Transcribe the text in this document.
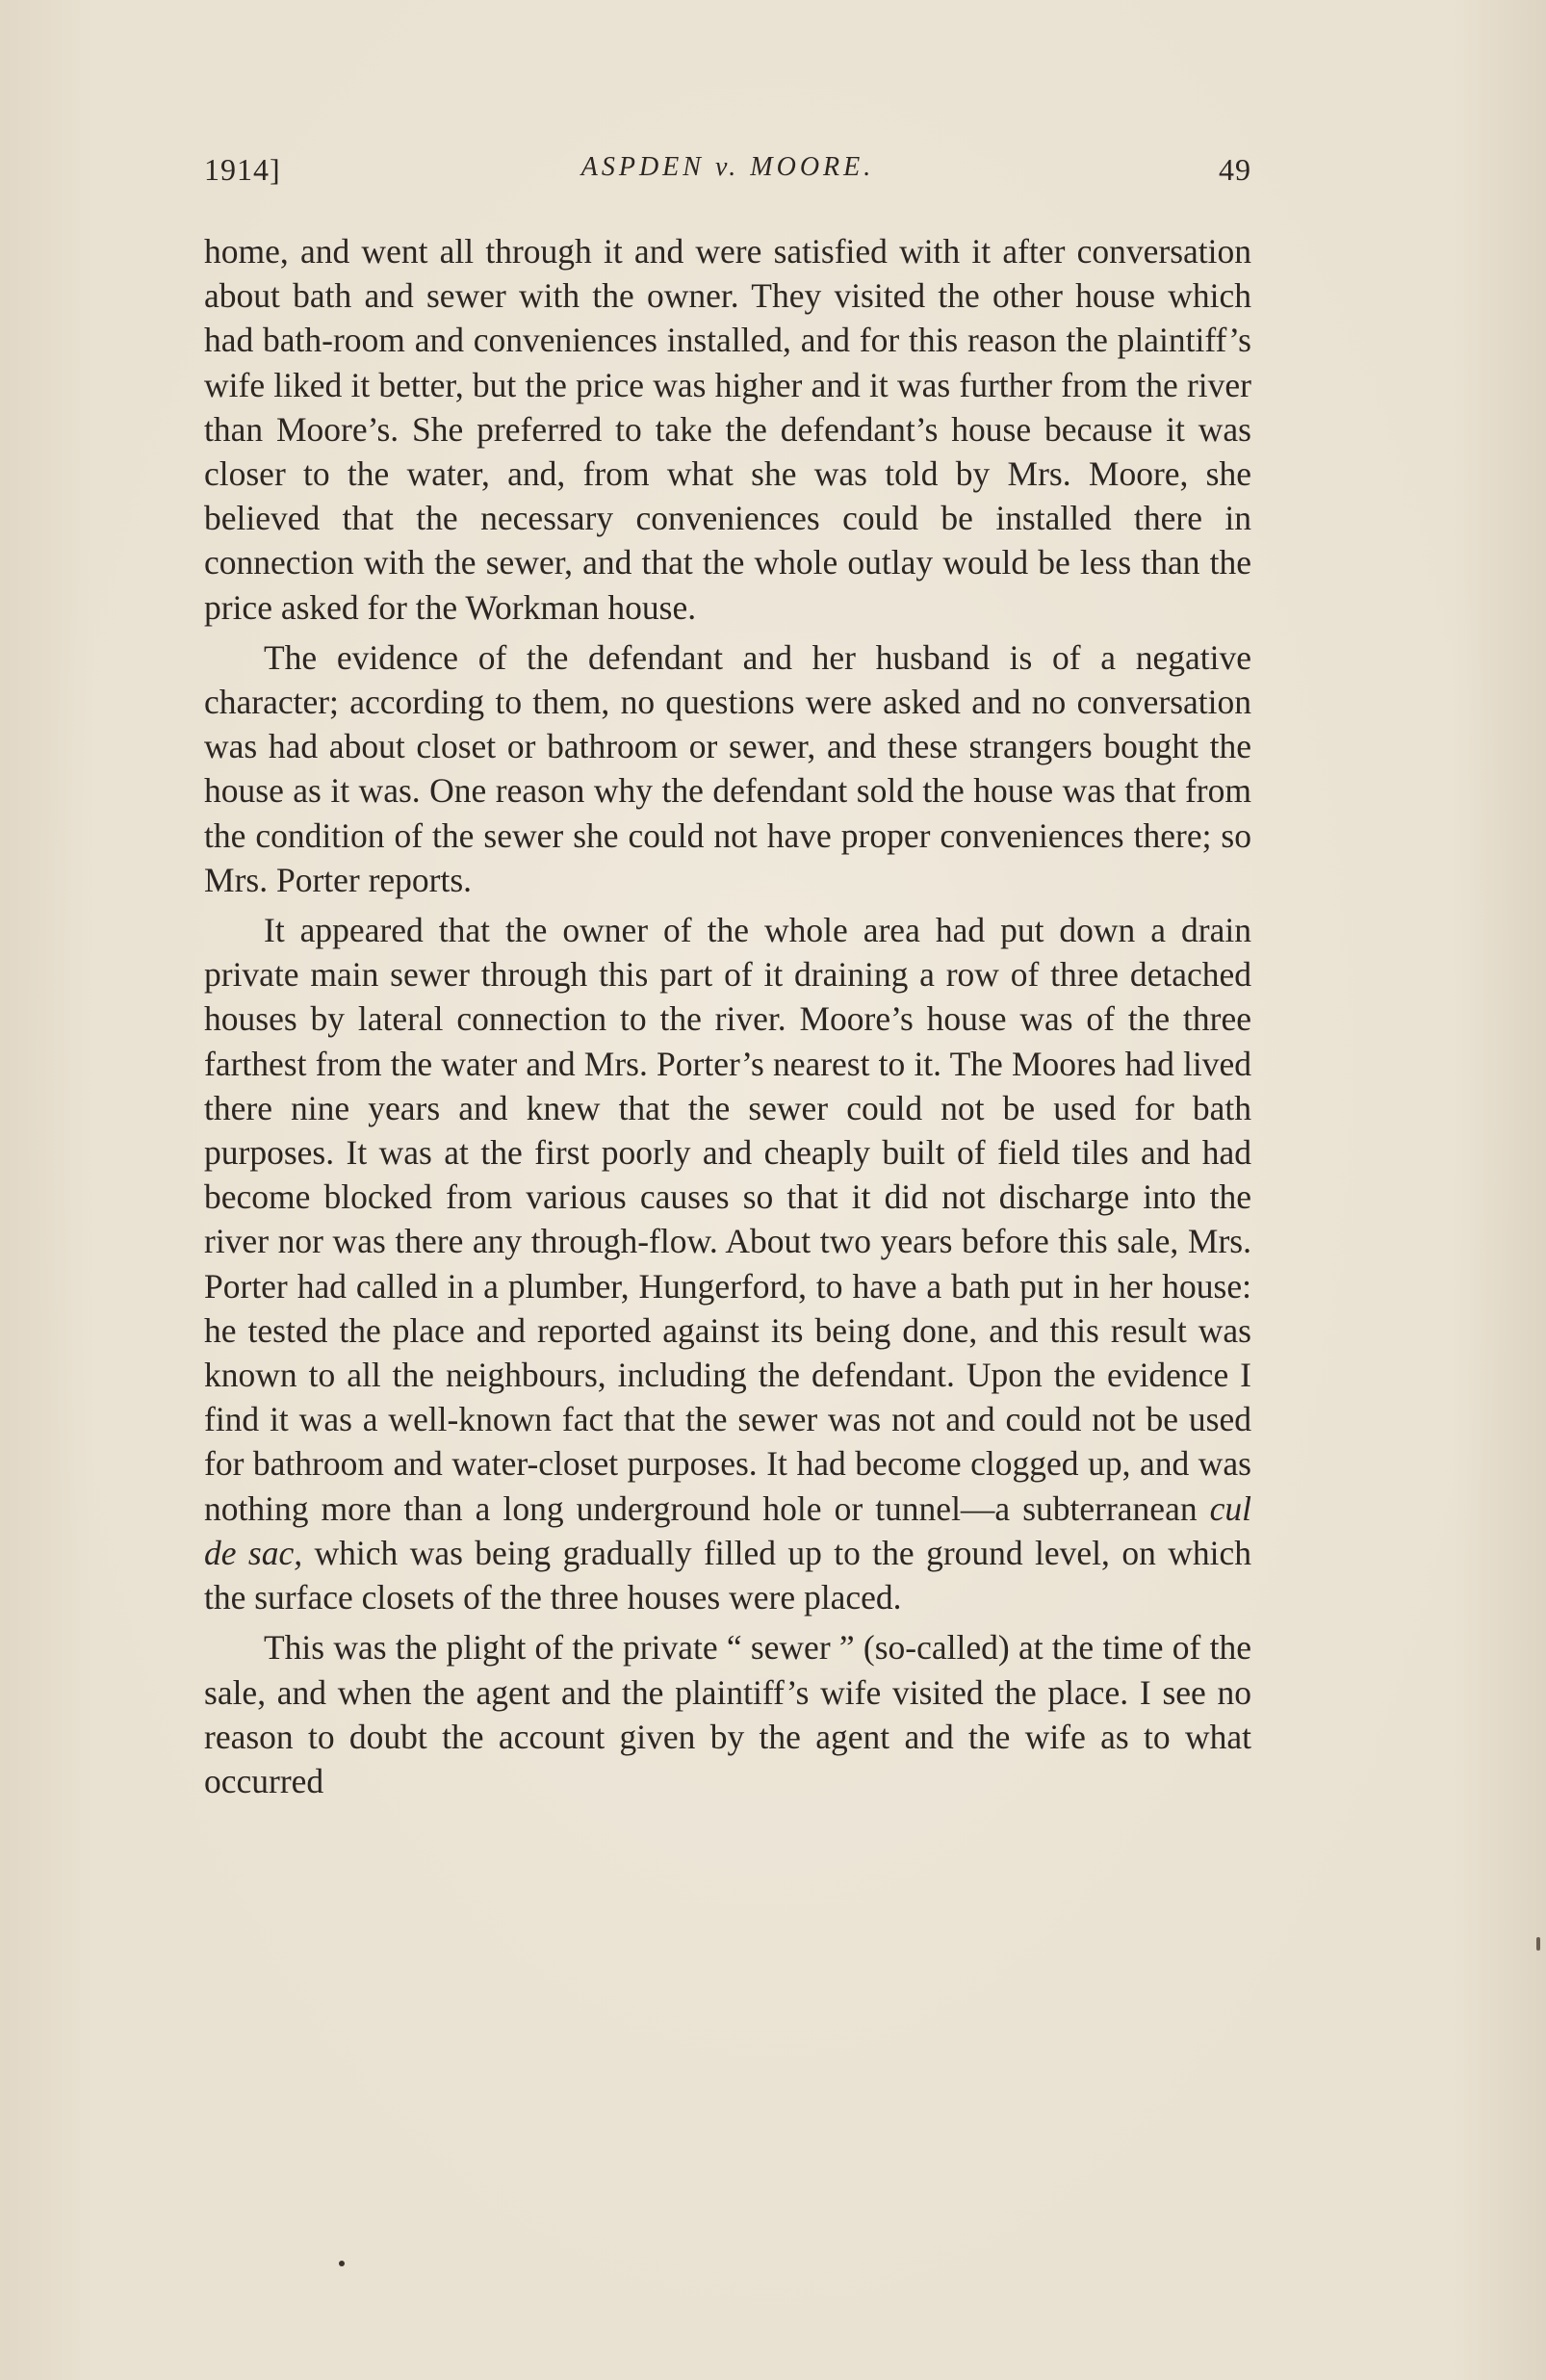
1914]	ASPDEN v. MOORE.	49

home, and went all through it and were satisfied with it after conversation about bath and sewer with the owner. They visited the other house which had bath-room and conveniences installed, and for this reason the plaintiff’s wife liked it better, but the price was higher and it was further from the river than Moore’s. She preferred to take the defendant’s house because it was closer to the water, and, from what she was told by Mrs. Moore, she believed that the necessary conveniences could be installed there in connection with the sewer, and that the whole outlay would be less than the price asked for the Workman house.

The evidence of the defendant and her husband is of a negative character; according to them, no questions were asked and no conversation was had about closet or bathroom or sewer, and these strangers bought the house as it was. One reason why the defendant sold the house was that from the condition of the sewer she could not have proper conveniences there; so Mrs. Porter reports.

It appeared that the owner of the whole area had put down a drain private main sewer through this part of it draining a row of three detached houses by lateral connection to the river. Moore’s house was of the three farthest from the water and Mrs. Porter’s nearest to it. The Moores had lived there nine years and knew that the sewer could not be used for bath purposes. It was at the first poorly and cheaply built of field tiles and had become blocked from various causes so that it did not discharge into the river nor was there any through-flow. About two years before this sale, Mrs. Porter had called in a plumber, Hungerford, to have a bath put in her house: he tested the place and reported against its being done, and this result was known to all the neighbours, including the defendant. Upon the evidence I find it was a well-known fact that the sewer was not and could not be used for bathroom and water-closet purposes. It had become clogged up, and was nothing more than a long underground hole or tunnel—a subterranean cul de sac, which was being gradually filled up to the ground level, on which the surface closets of the three houses were placed.

This was the plight of the private “ sewer ” (so-called) at the time of the sale, and when the agent and the plaintiff’s wife visited the place. I see no reason to doubt the account given by the agent and the wife as to what occurred
